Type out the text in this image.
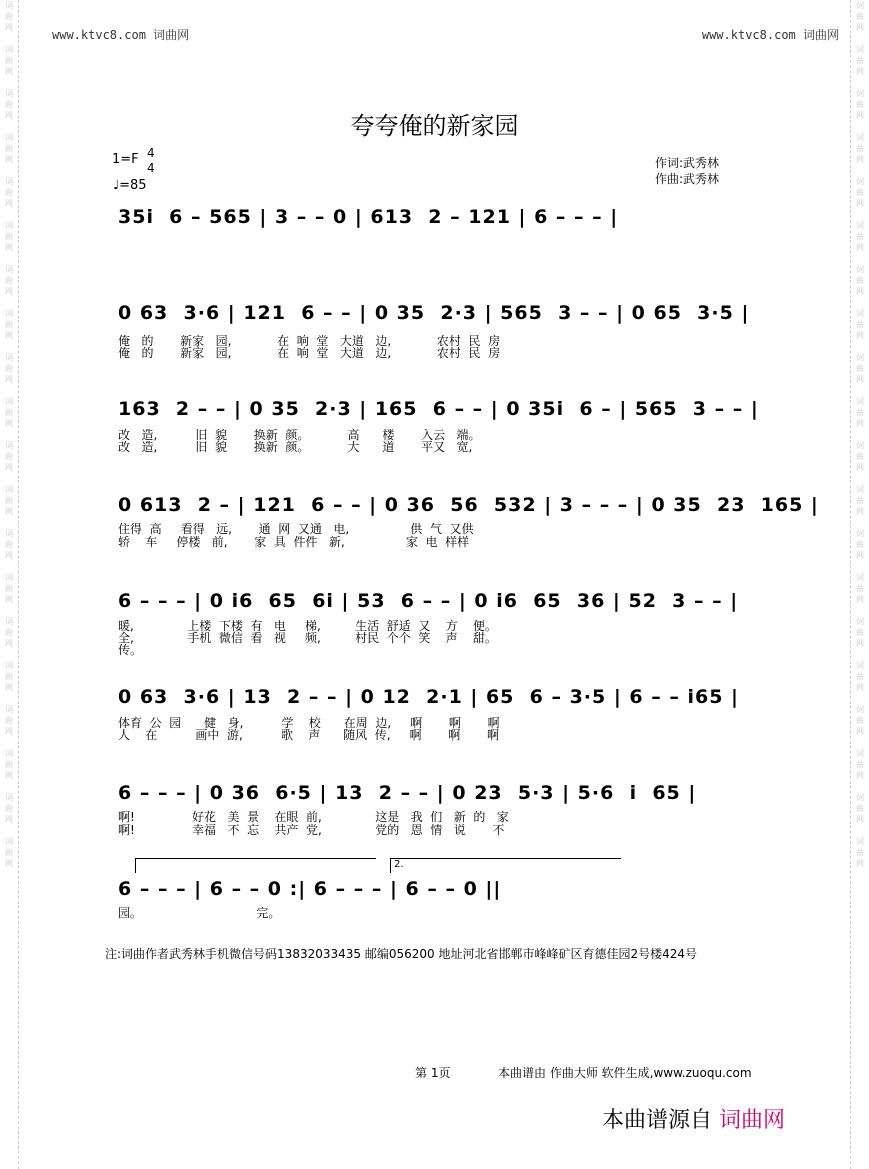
词
曲
网

词
曲
网

词
曲
网

词
曲
网

词
曲
网

词
曲
网

词
曲
网

词
曲
网

词
曲
网

词
曲
网

词
曲
网

词
曲
网

词
曲
网

词
曲
网

词
曲
网

词
曲
网

词
曲
网

词
曲
网

词
曲
网

词
曲
网

词
曲
网

词
曲
网

词
曲
网

词
曲
网

词
曲
网

词
曲
网

词
曲
网

词
曲
网

词
曲
网

词
曲
网

词
曲
网

词
曲
网

词
曲
网

词
曲
网

词
曲
网

词
曲
网

词
曲
网

词
曲
网

词
曲
网

词
曲
网

www.ktvc8.com 词曲网	www.ktvc8.com 词曲网
夸夸俺的新家园
1=F 4
4
♩=85
作词:武秀林
作曲:武秀林
35i  6 – 565 | 3 – – 0 | 613  2 – 121 | 6 – – – |
0 63  3·6 | 121  6 – – | 0 35  2·3 | 565  3 – – | 0 65  3·5 |
俺   的       新家   园,            在  响  堂   大道   边,            农村  民  房
俺   的       新家   园,            在  响  堂   大道   边,            农村  民  房
163  2 – – | 0 35  2·3 | 165  6 – – | 0 35i  6 – | 565  3 – – |
改   造,          旧  貌       换新  颜。          高      楼       入云   端。
改   造,          旧  貌       换新  颜。          大      道       平又   宽,
0 613  2 – | 121  6 – – | 0 36  56  532 | 3 – – – | 0 35  23  165 |
住得  高     看得   远,       通  网  又通   电,                供  气  又供
轿    车     停楼   前,       家  具  件件   新,                家  电  样样
6 – – – | 0 i6  65  6i | 53  6 – – | 0 i6  65  36 | 52  3 – – |
暖,              上楼  下楼  有   电     梯,         生活  舒适  又    方    便。
全,              手机  微信  看   视     频,         村民  个个  笑    声    甜。
传。
0 63  3·6 | 13  2 – – | 0 12  2·1 | 65  6 – 3·5 | 6 – – i65 |
体育  公  园      健   身,          学    校      在周  边,     啊       啊       啊
人    在          画中  游,          歌    声      随风  传,     啊       啊       啊
6 – – – | 0 36  6·5 | 13  2 – – | 0 23  5·3 | 5·6  i  65 |
啊!               好花   美  景    在眼  前,              这是   我  们   新  的   家
啊!               幸福   不  忘    共产  党,              党的   恩  情   说       不
2.
6 – – – | 6 – – 0 :| 6 – – – | 6 – – 0 ||
园。                              完。
注:词曲作者武秀林手机微信号码13832033435 邮编056200 地址河北省邯郸市峰峰矿区育德佳园2号楼424号
第 1页	本曲谱由 作曲大师 软件生成,www.zuoqu.com
本曲谱源自 词曲网
